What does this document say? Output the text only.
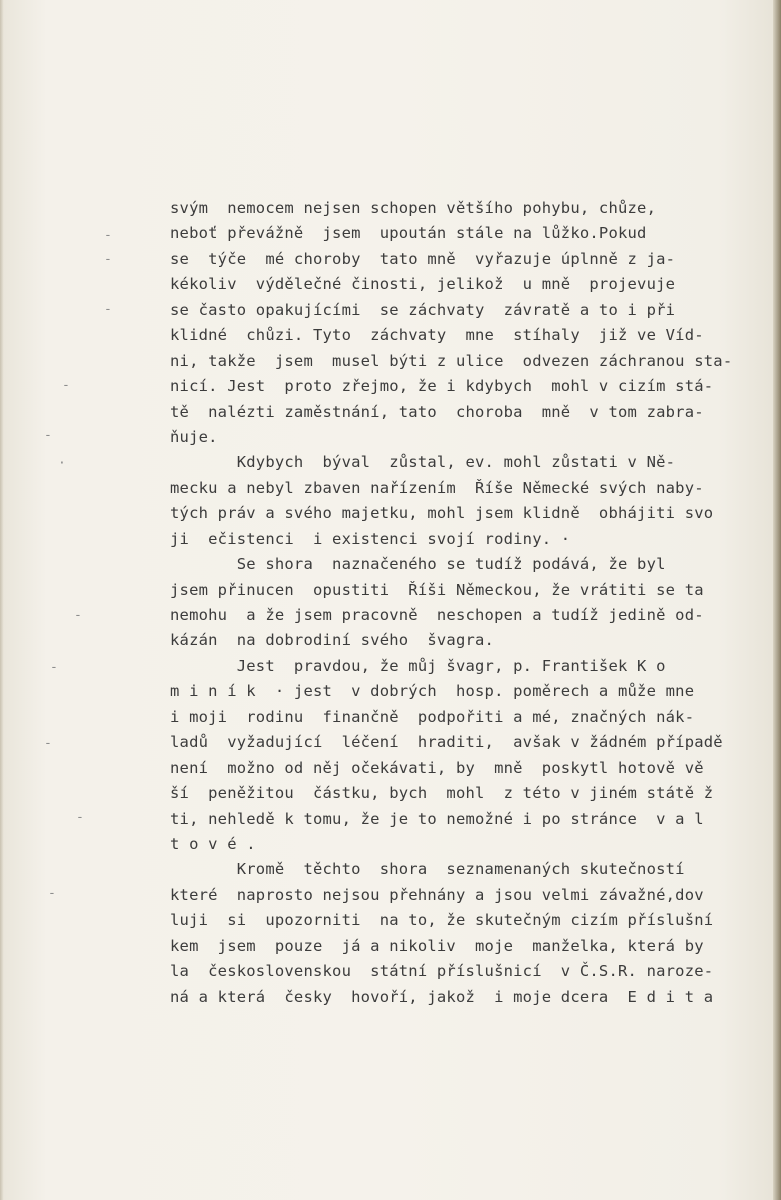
-
-
-
-
-
·
-
-
-
-
-
svým  nemocem nejsen schopen většího pohybu, chůze,
neboť převážně  jsem  upoután stále na lůžko.Pokud
se  týče  mé choroby  tato mně  vyřazuje úplnně z ja-
kékoliv  výdělečné činosti, jelikož  u mně  projevuje
se často opakujícími  se záchvaty  závratě a to i při
klidné  chůzi. Tyto  záchvaty  mne  stíhaly  již ve Víd-
ni, takže  jsem  musel býti z ulice  odvezen záchranou sta-
nicí. Jest  proto zřejmo, že i kdybych  mohl v cizím stá-
tě  nalézti zaměstnání, tato  choroba  mně  v tom zabra-
ňuje.
Kdybych  býval  zůstal, ev. mohl zůstati v Ně-
mecku a nebyl zbaven nařízením  Říše Německé svých naby-
tých práv a svého majetku, mohl jsem klidně  obhájiti svo
ji  ečistenci  i existenci svojí rodiny. ·
Se shora  naznačeného se tudíž podává, že byl
jsem přinucen  opustiti  Říši Německou, že vrátiti se ta
nemohu  a že jsem pracovně  neschopen a tudíž jedině od-
kázán  na dobrodiní svého  švagra.
Jest  pravdou, že můj švagr, p. František K o
m i n í k  · jest  v dobrých  hosp. poměrech a může mne
i moji  rodinu  finančně  podpořiti a mé, značných nák-
ladů  vyžadující  léčení  hraditi,  avšak v žádném případě
není  možno od něj očekávati, by  mně  poskytl hotově vě
ší  peněžitou  částku, bych  mohl  z této v jiném státě ž
ti, nehledě k tomu, že je to nemožné i po stránce  v a l
t o v é .
Kromě  těchto  shora  seznamenaných skutečností
které  naprosto nejsou přehnány a jsou velmi závažné,dov
luji  si  upozorniti  na to, že skutečným cizím příslušní
kem  jsem  pouze  já a nikoliv  moje  manželka, která by
la  československou  státní příslušnicí  v Č.S.R. naroze-
ná a která  česky  hovoří, jakož  i moje dcera  E d i t a
